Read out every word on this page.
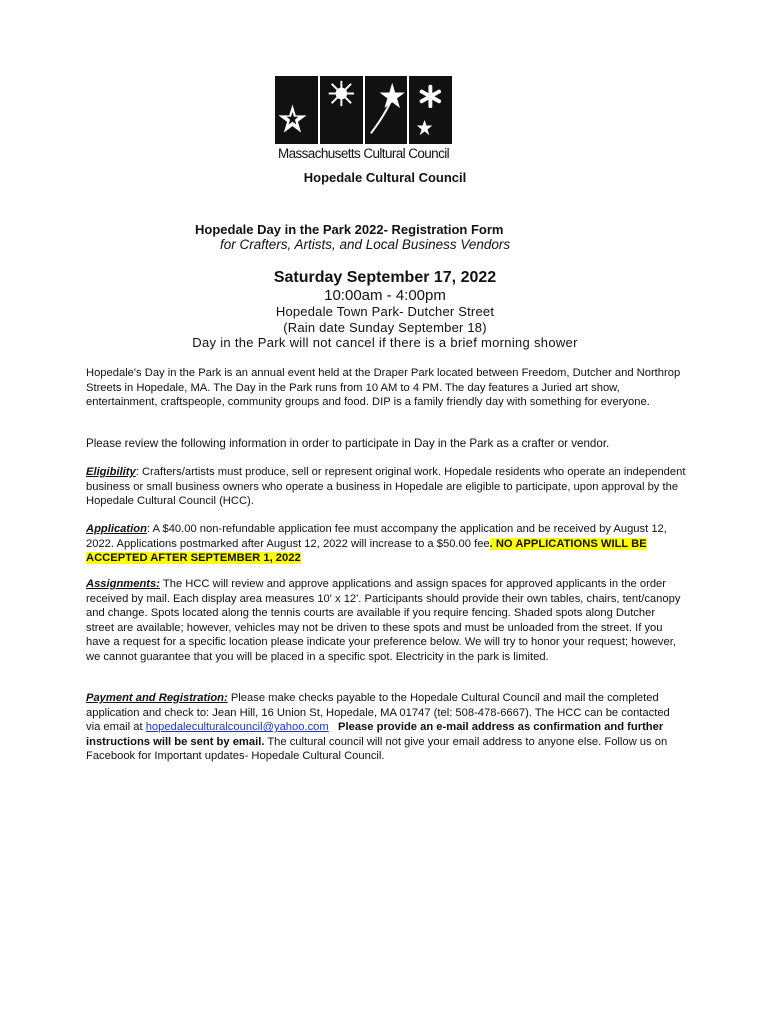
Massachusetts Cultural Council
Hopedale Cultural Council
Hopedale Day in the Park 2022- Registration Form
for Crafters, Artists, and Local Business Vendors
Saturday September 17, 2022
10:00am - 4:00pm
Hopedale Town Park- Dutcher Street
(Rain date Sunday September 18)
Day in the Park will not cancel if there is a brief morning shower
Hopedale's Day in the Park is an annual event held at the Draper Park located between Freedom, Dutcher and Northrop Streets in Hopedale, MA. The Day in the Park runs from 10 AM to 4 PM. The day features a Juried art show, entertainment, craftspeople, community groups and food. DIP is a family friendly day with something for everyone.
Please review the following information in order to participate in Day in the Park as a crafter or vendor.
Eligibility: Crafters/artists must produce, sell or represent original work. Hopedale residents who operate an independent business or small business owners who operate a business in Hopedale are eligible to participate, upon approval by the Hopedale Cultural Council (HCC).
Application: A $40.00 non-refundable application fee must accompany the application and be received by August 12, 2022. Applications postmarked after August 12, 2022 will increase to a $50.00 fee. NO APPLICATIONS WILL BE ACCEPTED AFTER SEPTEMBER 1, 2022
Assignments: The HCC will review and approve applications and assign spaces for approved applicants in the order received by mail. Each display area measures 10' x 12'. Participants should provide their own tables, chairs, tent/canopy and change. Spots located along the tennis courts are available if you require fencing. Shaded spots along Dutcher street are available; however, vehicles may not be driven to these spots and must be unloaded from the street. If you have a request for a specific location please indicate your preference below. We will try to honor your request; however, we cannot guarantee that you will be placed in a specific spot. Electricity in the park is limited.
Payment and Registration: Please make checks payable to the Hopedale Cultural Council and mail the completed application and check to: Jean Hill, 16 Union St, Hopedale, MA 01747 (tel: 508-478-6667). The HCC can be contacted via email at hopedaleculturalcouncil@yahoo.com Please provide an e-mail address as confirmation and further instructions will be sent by email. The cultural council will not give your email address to anyone else. Follow us on Facebook for Important updates- Hopedale Cultural Council.
